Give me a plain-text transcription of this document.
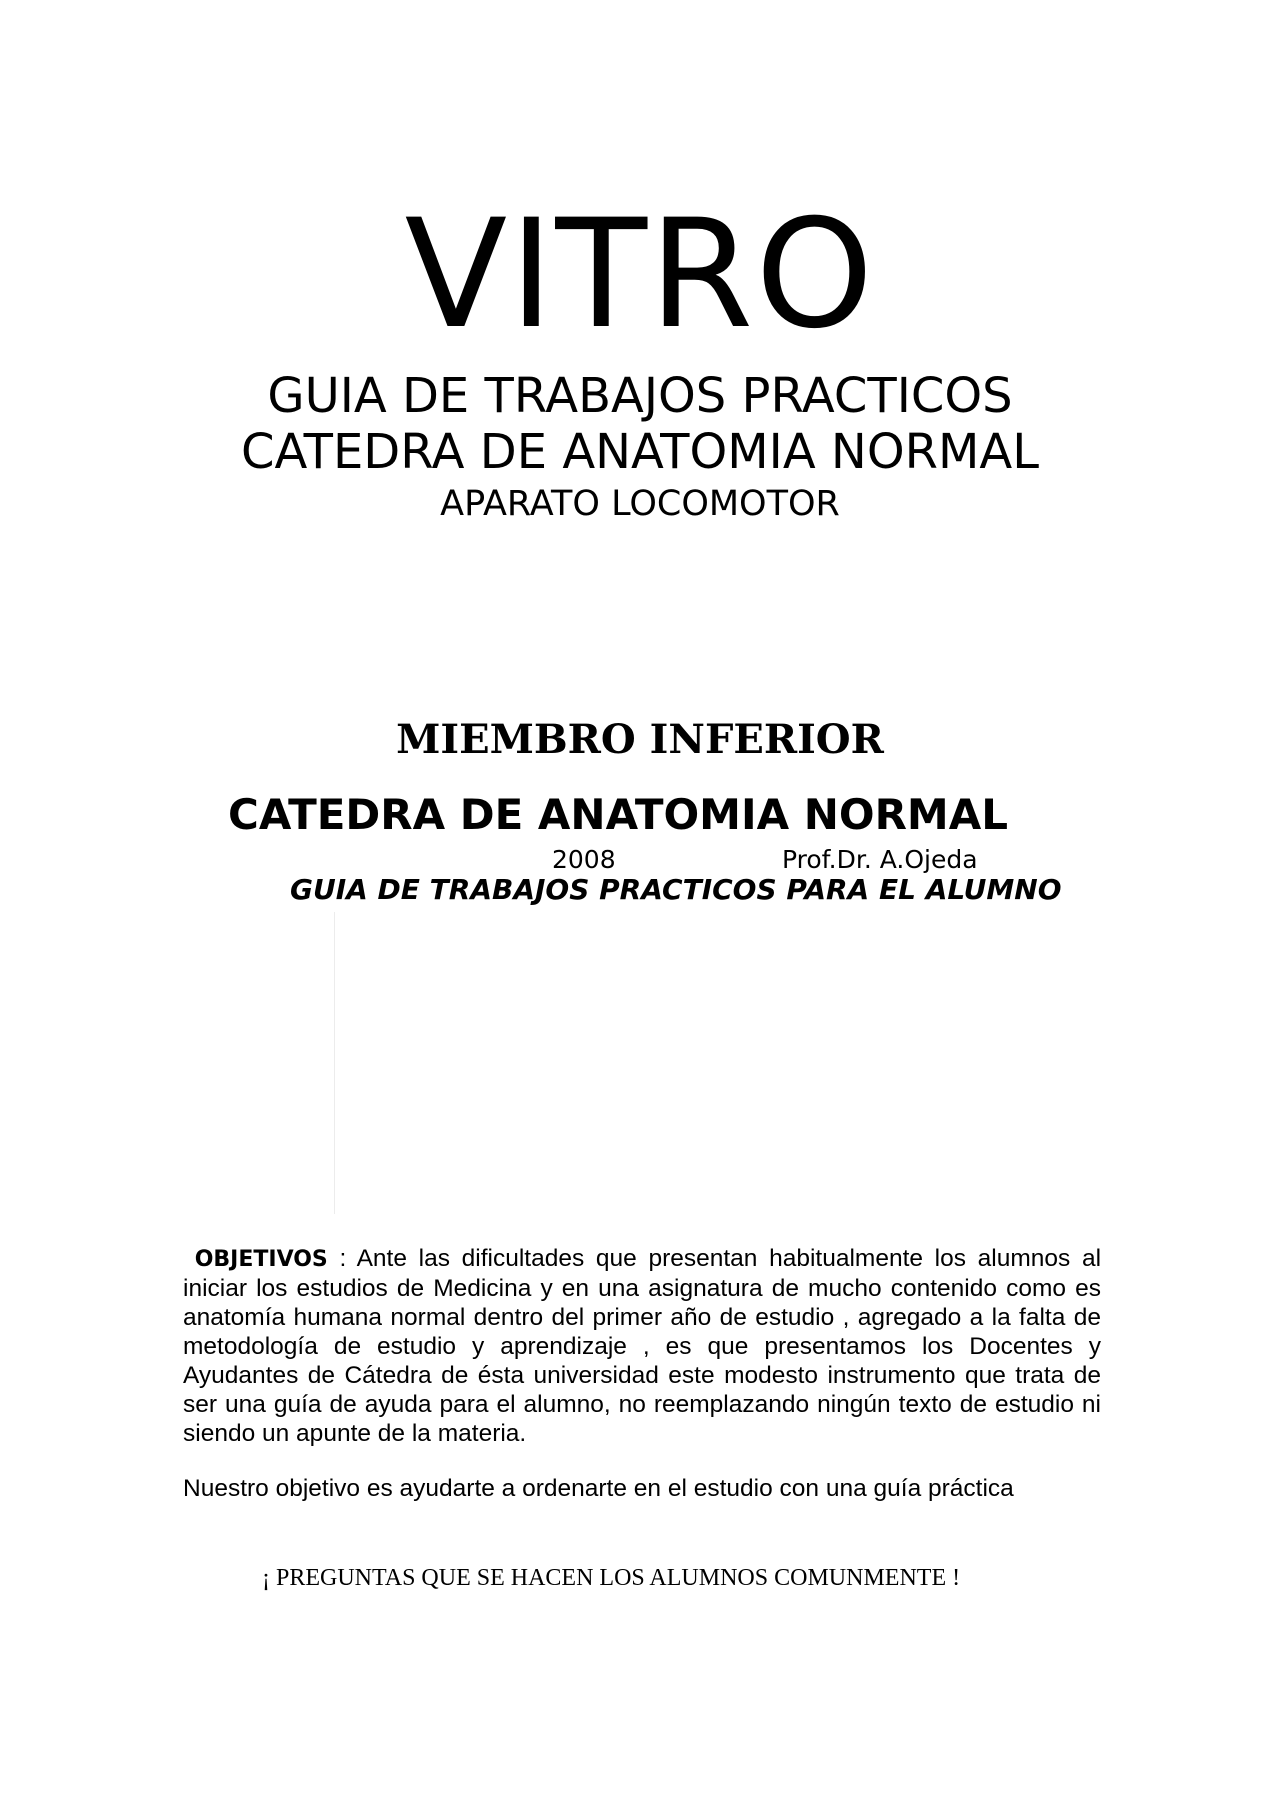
VITRO
GUIA DE TRABAJOS PRACTICOS
CATEDRA DE ANATOMIA NORMAL
APARATO LOCOMOTOR
MIEMBRO INFERIOR
CATEDRA DE ANATOMIA NORMAL
2008	Prof.Dr. A.Ojeda
GUIA DE TRABAJOS PRACTICOS PARA EL ALUMNO

OBJETIVOS : Ante las dificultades que presentan habitualmente los alumnos al iniciar los estudios de Medicina y en una asignatura de mucho contenido como es anatomía humana normal dentro del primer año de estudio , agregado a la falta de metodología de estudio y aprendizaje , es que presentamos los Docentes y Ayudantes de Cátedra de ésta universidad este modesto instrumento que trata de ser una guía de ayuda para el alumno, no reemplazando ningún texto de estudio ni siendo un apunte de la materia.

Nuestro objetivo es ayudarte a ordenarte en el estudio con una guía práctica
¡ PREGUNTAS QUE SE HACEN LOS ALUMNOS COMUNMENTE !
